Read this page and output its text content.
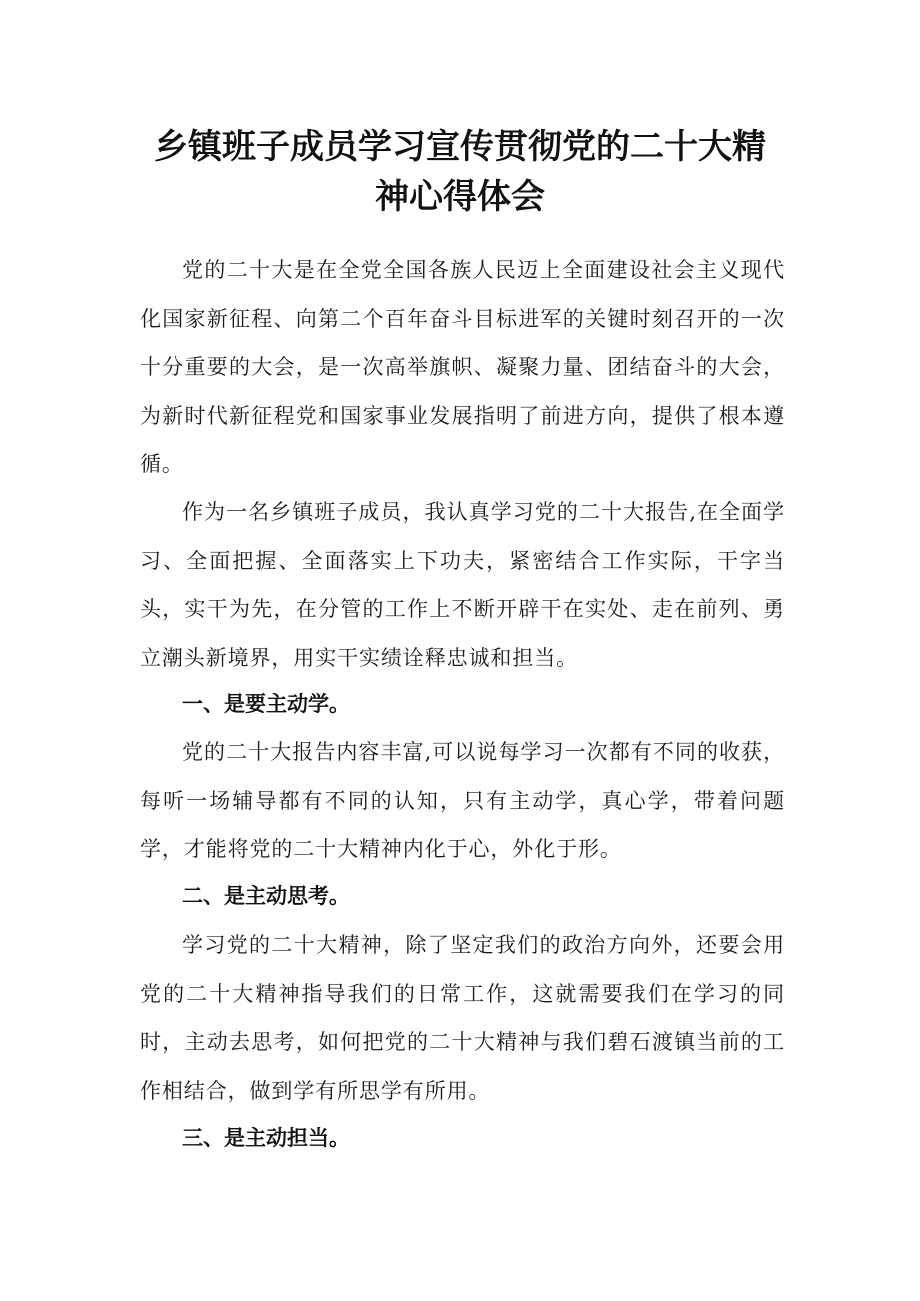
乡镇班子成员学习宣传贯彻党的二十大精
神心得体会

党的二十大是在全党全国各族人民迈上全面建设社会主义现代化国家新征程、向第二个百年奋斗目标进军的关键时刻召开的一次十分重要的大会，是一次高举旗帜、凝聚力量、团结奋斗的大会，为新时代新征程党和国家事业发展指明了前进方向，提供了根本遵循。

作为一名乡镇班子成员，我认真学习党的二十大报告,在全面学习、全面把握、全面落实上下功夫，紧密结合工作实际，干字当头，实干为先，在分管的工作上不断开辟干在实处、走在前列、勇立潮头新境界，用实干实绩诠释忠诚和担当。

一、是要主动学。

党的二十大报告内容丰富,可以说每学习一次都有不同的收获，每听一场辅导都有不同的认知，只有主动学，真心学，带着问题学，才能将党的二十大精神内化于心，外化于形。

二、是主动思考。

学习党的二十大精神，除了坚定我们的政治方向外，还要会用党的二十大精神指导我们的日常工作，这就需要我们在学习的同时，主动去思考，如何把党的二十大精神与我们碧石渡镇当前的工作相结合，做到学有所思学有所用。

三、是主动担当。
